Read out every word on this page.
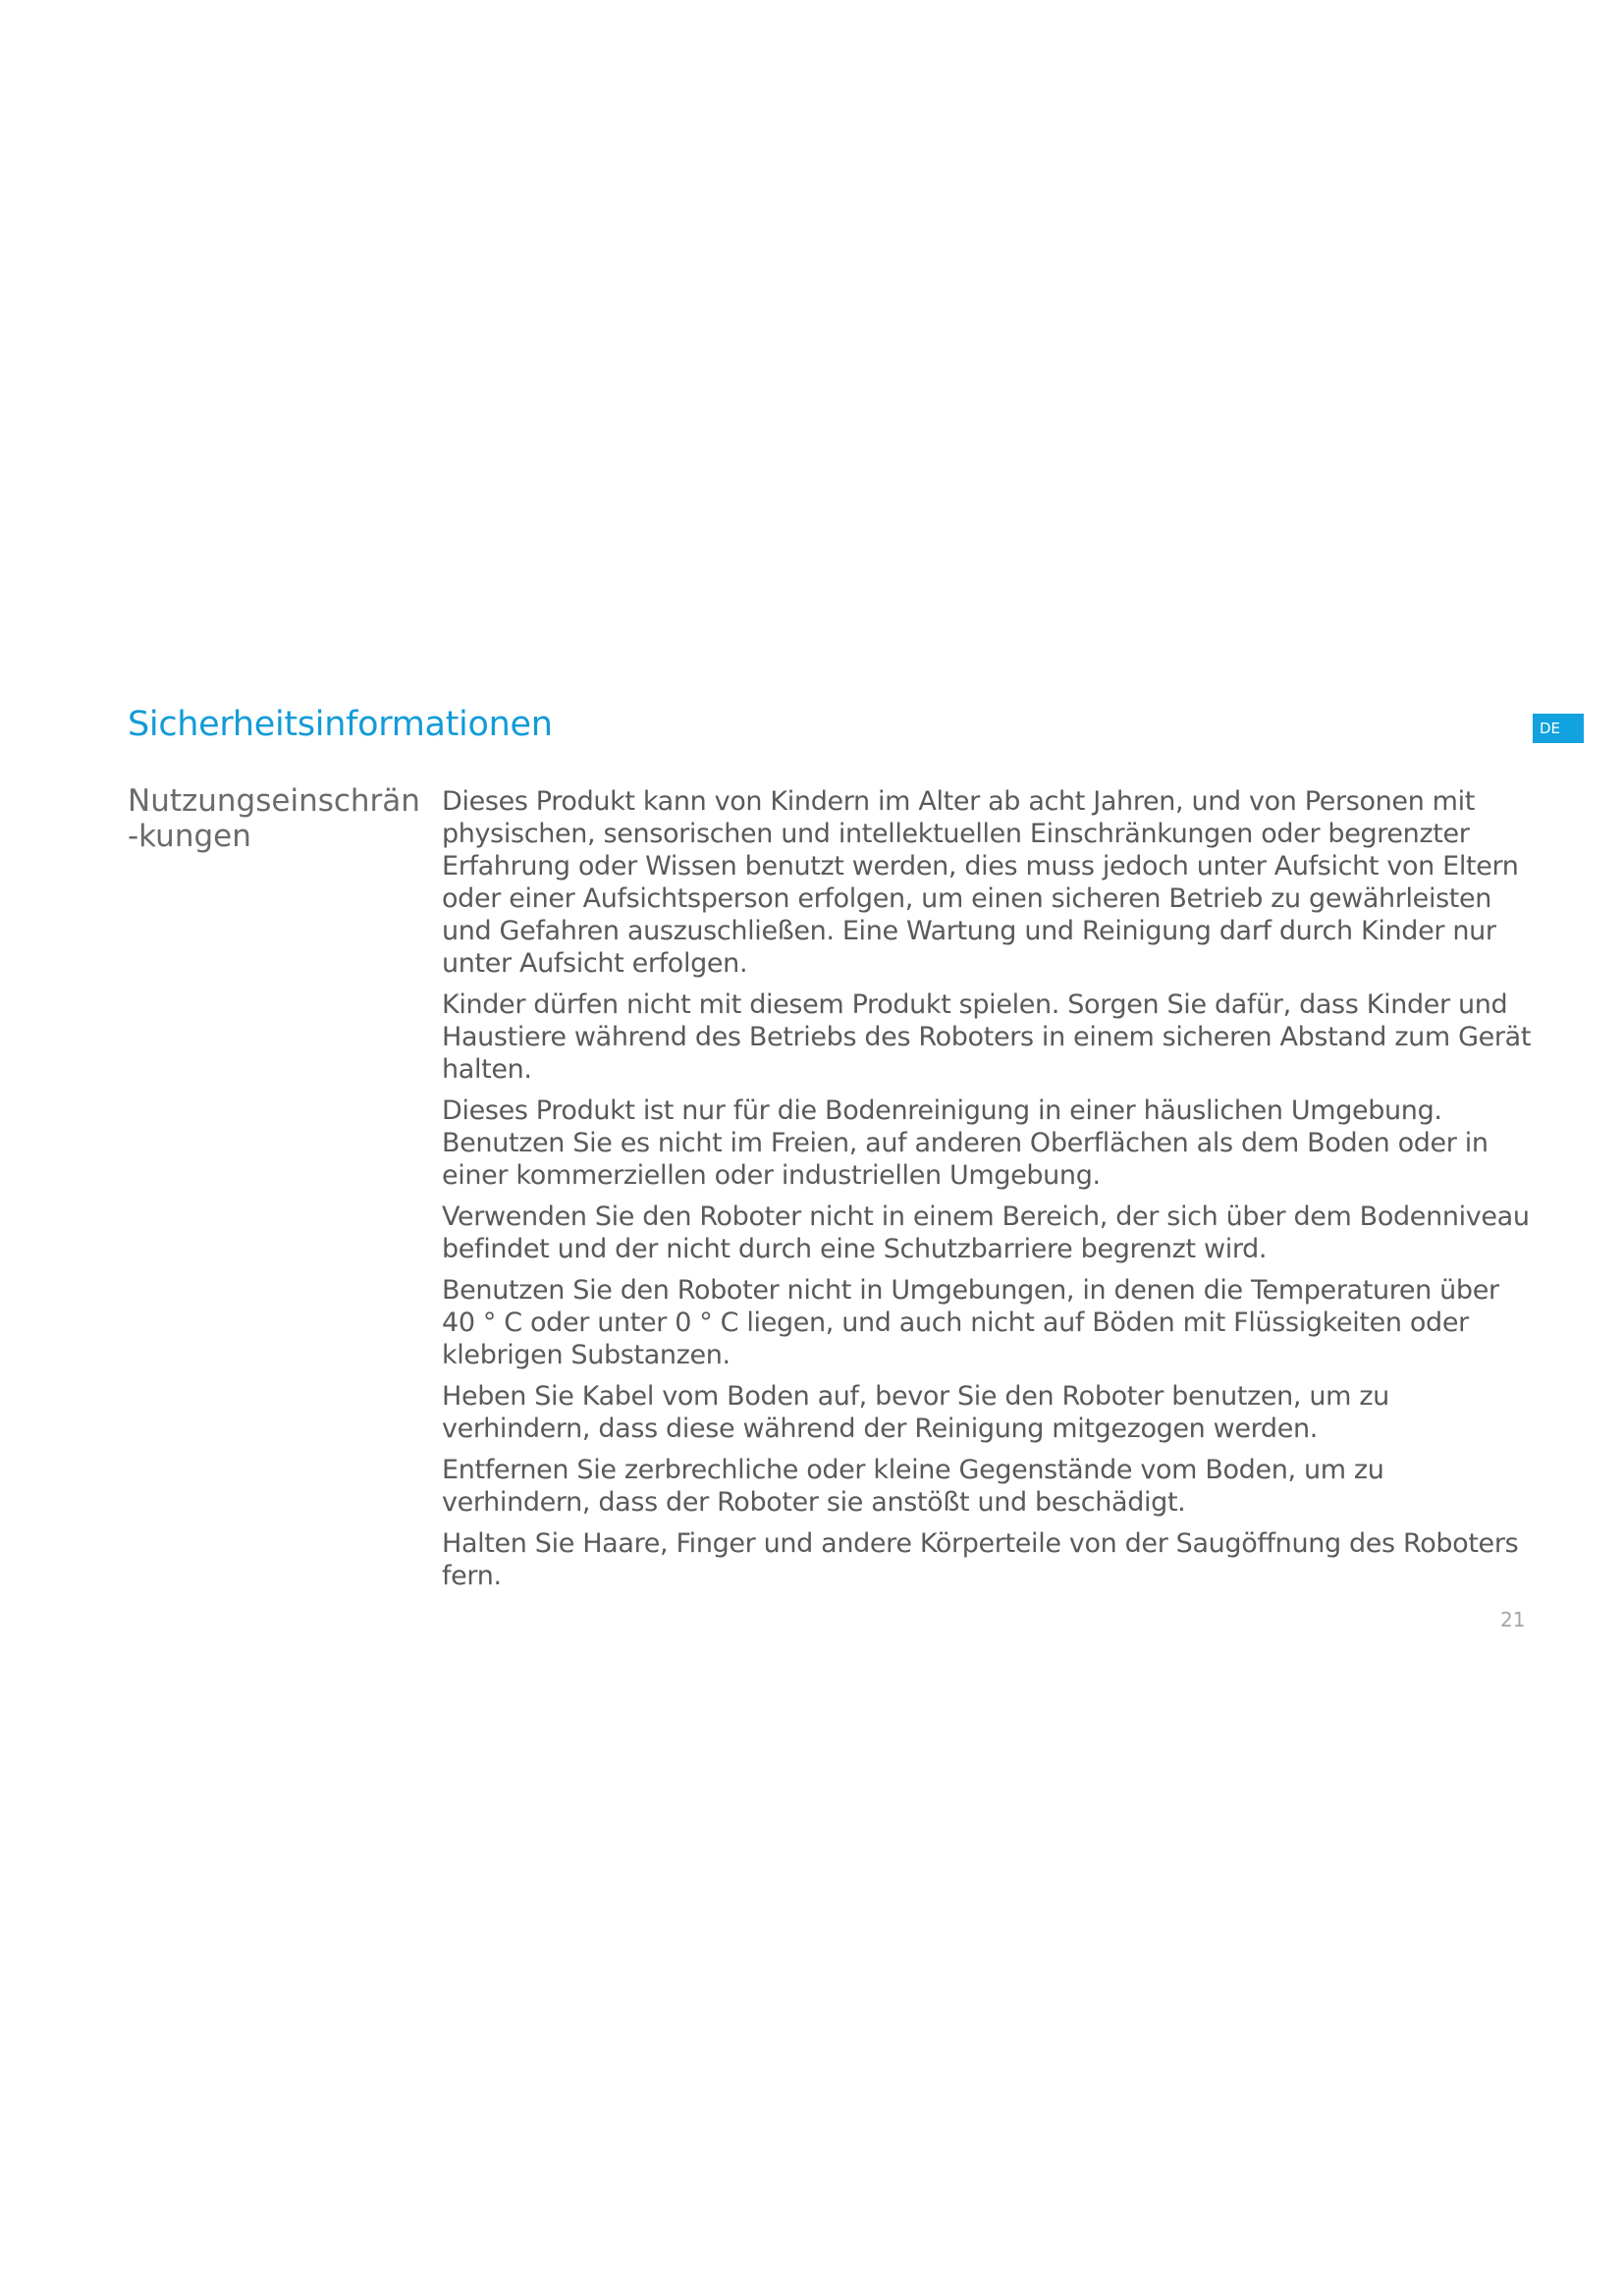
Sicherheitsinformationen	DE
Nutzungseinschrän
-kungen

Dieses Produkt kann von Kindern im Alter ab acht Jahren, und von Personen mit physischen, sensorischen und intellektuellen Einschränkungen oder begrenzter Erfahrung oder Wissen benutzt werden, dies muss jedoch unter Aufsicht von Eltern oder einer Aufsichtsperson erfolgen, um einen sicheren Betrieb zu gewährleisten und Gefahren auszuschließen. Eine Wartung und Reinigung darf durch Kinder nur unter Aufsicht erfolgen.

Kinder dürfen nicht mit diesem Produkt spielen. Sorgen Sie dafür, dass Kinder und Haustiere während des Betriebs des Roboters in einem sicheren Abstand zum Gerät halten.

Dieses Produkt ist nur für die Bodenreinigung in einer häuslichen Umgebung. Benutzen Sie es nicht im Freien, auf anderen Oberflächen als dem Boden oder in einer kommerziellen oder industriellen Umgebung.

Verwenden Sie den Roboter nicht in einem Bereich, der sich über dem Bodenniveau befindet und der nicht durch eine Schutzbarriere begrenzt wird.

Benutzen Sie den Roboter nicht in Umgebungen, in denen die Temperaturen über 40 ° C oder unter 0 ° C liegen, und auch nicht auf Böden mit Flüssigkeiten oder klebrigen Substanzen.

Heben Sie Kabel vom Boden auf, bevor Sie den Roboter benutzen, um zu verhindern, dass diese während der Reinigung mitgezogen werden.

Entfernen Sie zerbrechliche oder kleine Gegenstände vom Boden, um zu verhindern, dass der Roboter sie anstößt und beschädigt.

Halten Sie Haare, Finger und andere Körperteile von der Saugöffnung des Roboters fern.

21
